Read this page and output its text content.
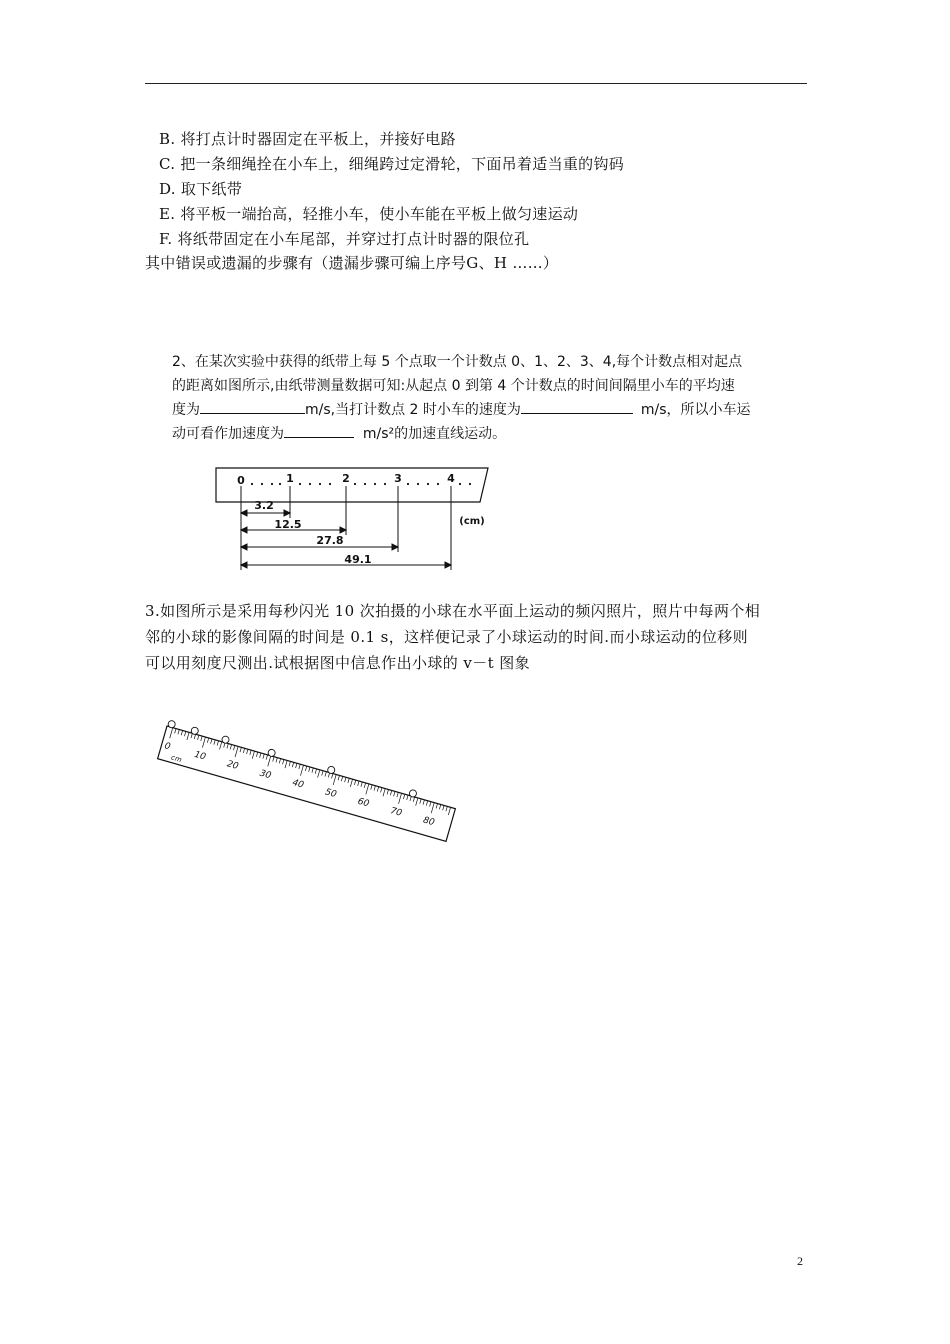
B. 将打点计时器固定在平板上，并接好电路
C. 把一条细绳拴在小车上，细绳跨过定滑轮，下面吊着适当重的钩码
D. 取下纸带
E. 将平板一端抬高，轻推小车，使小车能在平板上做匀速运动
F. 将纸带固定在小车尾部，并穿过打点计时器的限位孔
其中错误或遗漏的步骤有（遗漏步骤可编上序号G、H ……）
2、在某次实验中获得的纸带上每 5 个点取一个计数点 0、1、2、3、4,每个计数点相对起点
的距离如图所示,由纸带测量数据可知:从起点 0 到第 4 个计数点的时间间隔里小车的平均速
度为	m/s,当打计数点 2 时小车的速度为	m/s，所以小车运
动可看作加速度为	m/s²的加速直线运动。
0	1	2	3	4
3.2
12.5
27.8
49.1
(cm)
3.如图所示是采用每秒闪光 10 次拍摄的小球在水平面上运动的频闪照片，照片中每两个相
邻的小球的影像间隔的时间是 0.1 s，这样便记录了小球运动的时间.而小球运动的位移则
可以用刻度尺测出.试根据图中信息作出小球的 v－t 图象
0
10
20
30
40
50
60
70
80
cm
2
